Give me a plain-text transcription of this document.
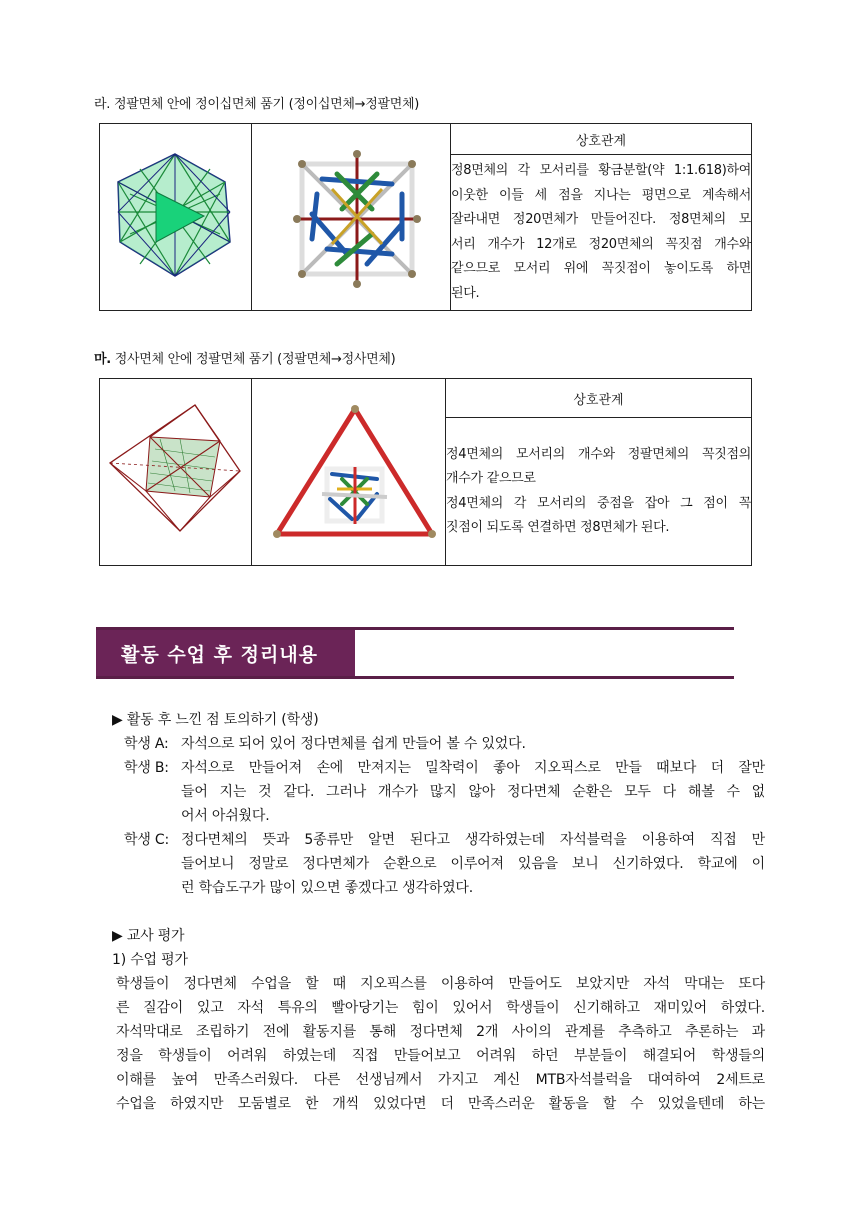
라. 정팔면체 안에 정이십면체 품기 (정이십면체→정팔면체)
		상호관계

정8면체의 각 모서리를 황금분할(약 1:1.618)하여
이웃한 이들 세 점을 지나는 평면으로 계속해서
잘라내면 정20면체가 만들어진다. 정8면체의 모
서리 개수가 12개로 정20면체의 꼭짓점 개수와
같으므로 모서리 위에 꼭짓점이 놓이도록 하면
된다.
마. 정사면체 안에 정팔면체 품기 (정팔면체→정사면체)
		상호관계

정4면체의 모서리의 개수와 정팔면체의 꼭짓점의
개수가 같으므로
정4면체의 각 모서리의 중점을 잡아 그 점이 꼭
짓점이 되도록 연결하면 정8면체가 된다.
활동 수업 후 정리내용
▶ 활동 후 느낀 점 토의하기 (학생)
학생 A: 자석으로 되어 있어 정다면체를 쉽게 만들어 볼 수 있었다.
학생 B: 자석으로 만들어져 손에 만져지는 밀착력이 좋아 지오픽스로 만들 때보다 더 잘만
들어 지는 것 같다. 그러나 개수가 많지 않아 정다면체 순환은 모두 다 해볼 수 없
어서 아쉬웠다.
학생 C: 정다면체의 뜻과 5종류만 알면 된다고 생각하였는데 자석블럭을 이용하여 직접 만
들어보니 정말로 정다면체가 순환으로 이루어져 있음을 보니 신기하였다. 학교에 이
런 학습도구가 많이 있으면 좋겠다고 생각하였다.
▶ 교사 평가
1) 수업 평가
학생들이 정다면체 수업을 할 때 지오픽스를 이용하여 만들어도 보았지만 자석 막대는 또다
른 질감이 있고 자석 특유의 빨아당기는 힘이 있어서 학생들이 신기해하고 재미있어 하였다.
자석막대로 조립하기 전에 활동지를 통해 정다면체 2개 사이의 관계를 추측하고 추론하는 과
정을 학생들이 어려워 하였는데 직접 만들어보고 어려워 하던 부분들이 해결되어 학생들의
이해를 높여 만족스러웠다. 다른 선생님께서 가지고 계신 MTB자석블럭을 대여하여 2세트로
수업을 하였지만 모둠별로 한 개씩 있었다면 더 만족스러운 활동을 할 수 있었을텐데 하는
